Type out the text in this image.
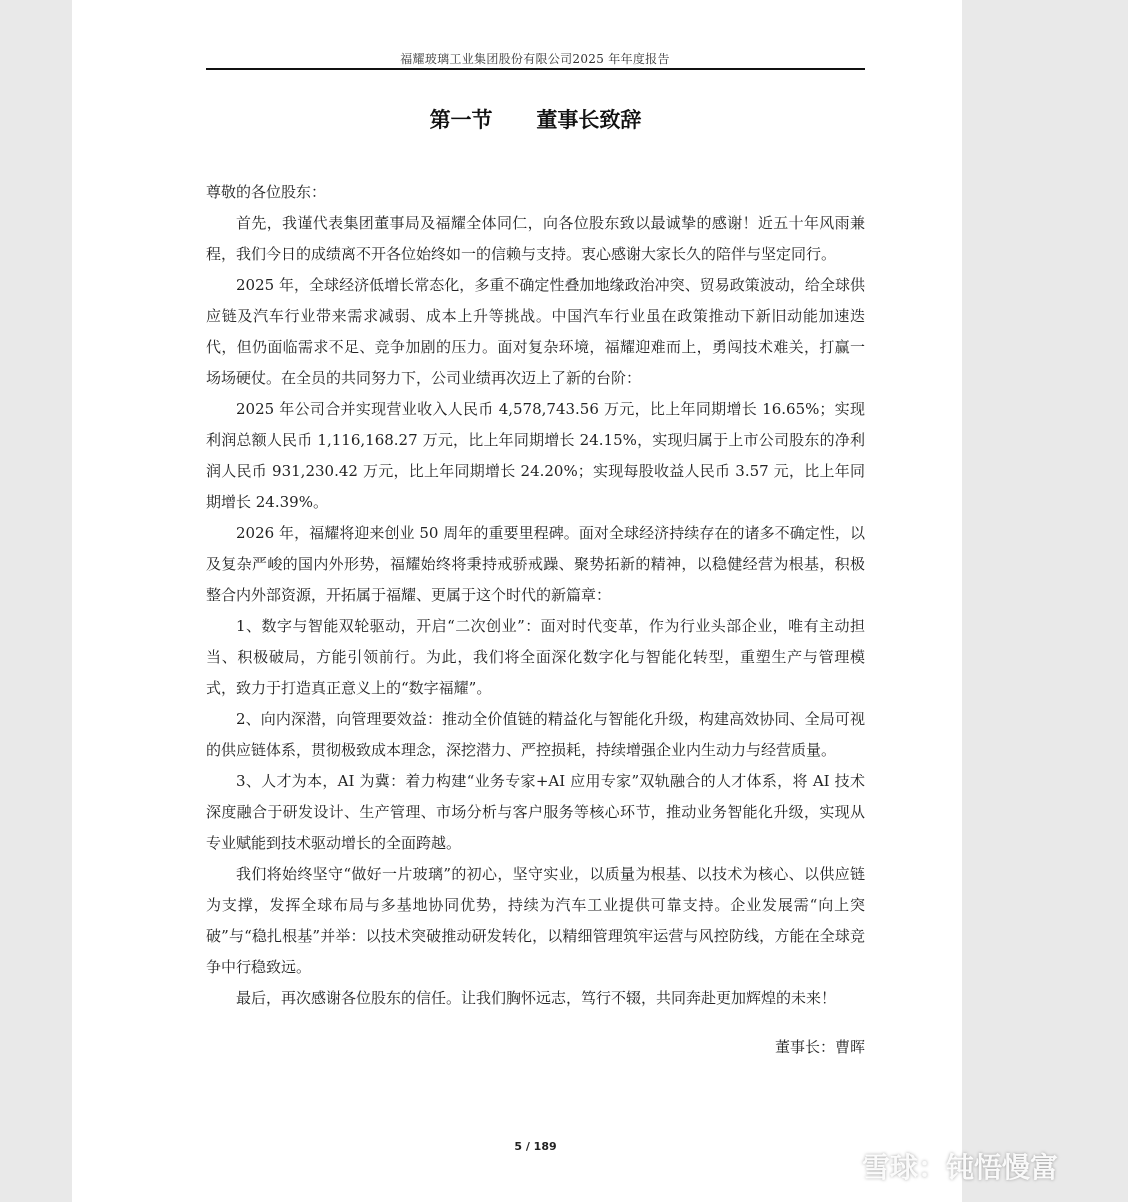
福耀玻璃工业集团股份有限公司2025 年年度报告
第一节      董事长致辞

尊敬的各位股东：

首先，我谨代表集团董事局及福耀全体同仁，向各位股东致以最诚挚的感谢！近五十年风雨兼程，我们今日的成绩离不开各位始终如一的信赖与支持。衷心感谢大家长久的陪伴与坚定同行。

2025 年，全球经济低增长常态化，多重不确定性叠加地缘政治冲突、贸易政策波动，给全球供应链及汽车行业带来需求减弱、成本上升等挑战。中国汽车行业虽在政策推动下新旧动能加速迭代，但仍面临需求不足、竞争加剧的压力。面对复杂环境，福耀迎难而上，勇闯技术难关，打赢一场场硬仗。在全员的共同努力下，公司业绩再次迈上了新的台阶：

2025 年公司合并实现营业收入人民币 4,578,743.56 万元，比上年同期增长 16.65%；实现利润总额人民币 1,116,168.27 万元，比上年同期增长 24.15%，实现归属于上市公司股东的净利润人民币 931,230.42 万元，比上年同期增长 24.20%；实现每股收益人民币 3.57 元，比上年同期增长 24.39%。

2026 年，福耀将迎来创业 50 周年的重要里程碑。面对全球经济持续存在的诸多不确定性，以及复杂严峻的国内外形势，福耀始终将秉持戒骄戒躁、聚势拓新的精神，以稳健经营为根基，积极整合内外部资源，开拓属于福耀、更属于这个时代的新篇章：

1、数字与智能双轮驱动，开启“二次创业”：面对时代变革，作为行业头部企业，唯有主动担当、积极破局，方能引领前行。为此，我们将全面深化数字化与智能化转型，重塑生产与管理模式，致力于打造真正意义上的“数字福耀”。

2、向内深潜，向管理要效益：推动全价值链的精益化与智能化升级，构建高效协同、全局可视的供应链体系，贯彻极致成本理念，深挖潜力、严控损耗，持续增强企业内生动力与经营质量。

3、人才为本，AI 为冀：着力构建“业务专家+AI 应用专家”双轨融合的人才体系，将 AI 技术深度融合于研发设计、生产管理、市场分析与客户服务等核心环节，推动业务智能化升级，实现从专业赋能到技术驱动增长的全面跨越。

我们将始终坚守“做好一片玻璃”的初心，坚守实业，以质量为根基、以技术为核心、以供应链为支撑，发挥全球布局与多基地协同优势，持续为汽车工业提供可靠支持。企业发展需“向上突破”与“稳扎根基”并举：以技术突破推动研发转化，以精细管理筑牢运营与风控防线，方能在全球竞争中行稳致远。

最后，再次感谢各位股东的信任。让我们胸怀远志，笃行不辍，共同奔赴更加辉煌的未来！

董事长：曹晖
5 / 189
雪球：钝悟慢富
